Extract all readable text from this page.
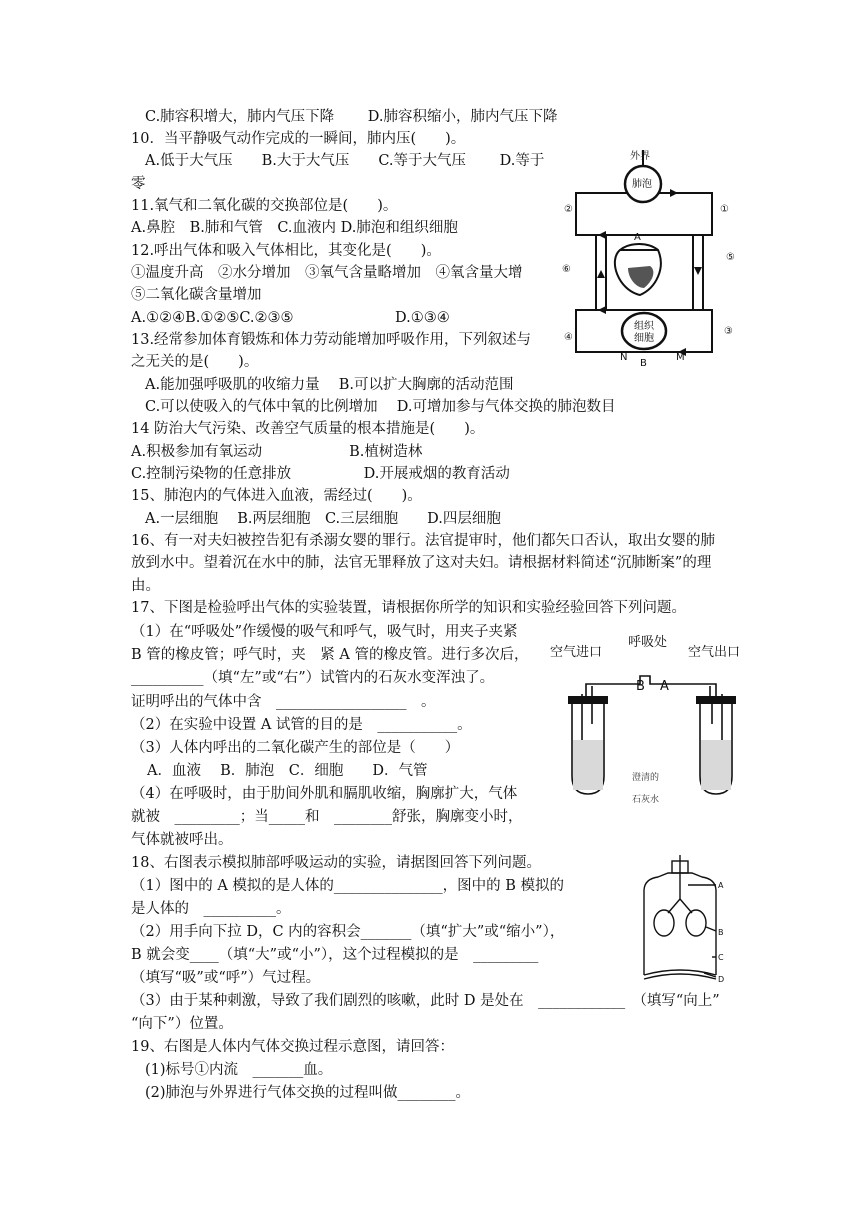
C.肺容积增大，肺内气压下降　　 D.肺容积缩小，肺内气压下降
10．当平静吸气动作完成的一瞬间，肺内压(　　)。
A.低于大气压　　B.大于大气压　　C.等于大气压　　 D.等于
零
11.氧气和二氧化碳的交换部位是(　　)。
A.鼻腔　B.肺和气管　C.血液内 D.肺泡和组织细胞
12.呼出气体和吸入气体相比，其变化是(　　)。
①温度升高　②水分增加　③氧气含量略增加　④氧含量大增
⑤二氧化碳含量增加
A.①②④B.①②⑤C.②③⑤　　　　　　　D.①③④
13.经常参加体育锻炼和体力劳动能增加呼吸作用，下列叙述与
之无关的是(　　)。
A.能加强呼吸肌的收缩力量　 B.可以扩大胸廓的活动范围
C.可以使吸入的气体中氧的比例增加　 D.可增加参与气体交换的肺泡数目
14 防治大气污染、改善空气质量的根本措施是(　　)。
A.积极参加有氧运动　　　　　　B.植树造林
C.控制污染物的任意排放　　　　　D.开展戒烟的教育活动
15、肺泡内的气体进入血液，需经过(　　)。
A.一层细胞　 B.两层细胞　C.三层细胞　　D.四层细胞
16、有一对夫妇被控告犯有杀溺女婴的罪行。法官提审时，他们都矢口否认，取出女婴的肺
放到水中。望着沉在水中的肺，法官无罪释放了这对夫妇。请根据材料简述“沉肺断案”的理
由。
17、下图是检验呼出气体的实验装置，请根据你所学的知识和实验经验回答下列问题。
（1）在“呼吸处”作缓慢的吸气和呼气，吸气时，用夹子夹紧
B 管的橡皮管；呼气时，夹　紧 A 管的橡皮管。进行多次后，
__________（填“左”或“右”）试管内的石灰水变浑浊了。
证明呼出的气体中含　__________________　。
（2）在实验中设置 A 试管的目的是　___________。
（3）人体内呼出的二氧化碳产生的部位是（　　）
A．血液　 B．肺泡　C．细胞　　D．气管
（4）在呼吸时，由于肋间外肌和膈肌收缩，胸廓扩大，气体
就被　_________；当_____和　________舒张，胸廓变小时，
气体就被呼出。
18、右图表示模拟肺部呼吸运动的实验，请据图回答下列问题。
（1）图中的 A 模拟的是人体的_______________，图中的 B 模拟的
是人体的　__________。
（2）用手向下拉 D，C 内的容积会_______（填“扩大”或“缩小”），
B 就会变____（填“大”或“小”），这个过程模拟的是　_________
（填写“吸”或“呼”）气过程。
（3）由于某种刺激，导致了我们剧烈的咳嗽，此时 D 是处在　____________　（填写“向上”
“向下”）位置。
19、右图是人体内气体交换过程示意图，请回答：
(1)标号①内流　_______血。
(2)肺泡与外界进行气体交换的过程叫做________。
外界
肺泡
组织
细胞
②	①
⑥
⑤
④
③
A
B
N	M
空气进口
呼吸处
B A
空气出口
澄清的
石灰水
A
B
C
D
